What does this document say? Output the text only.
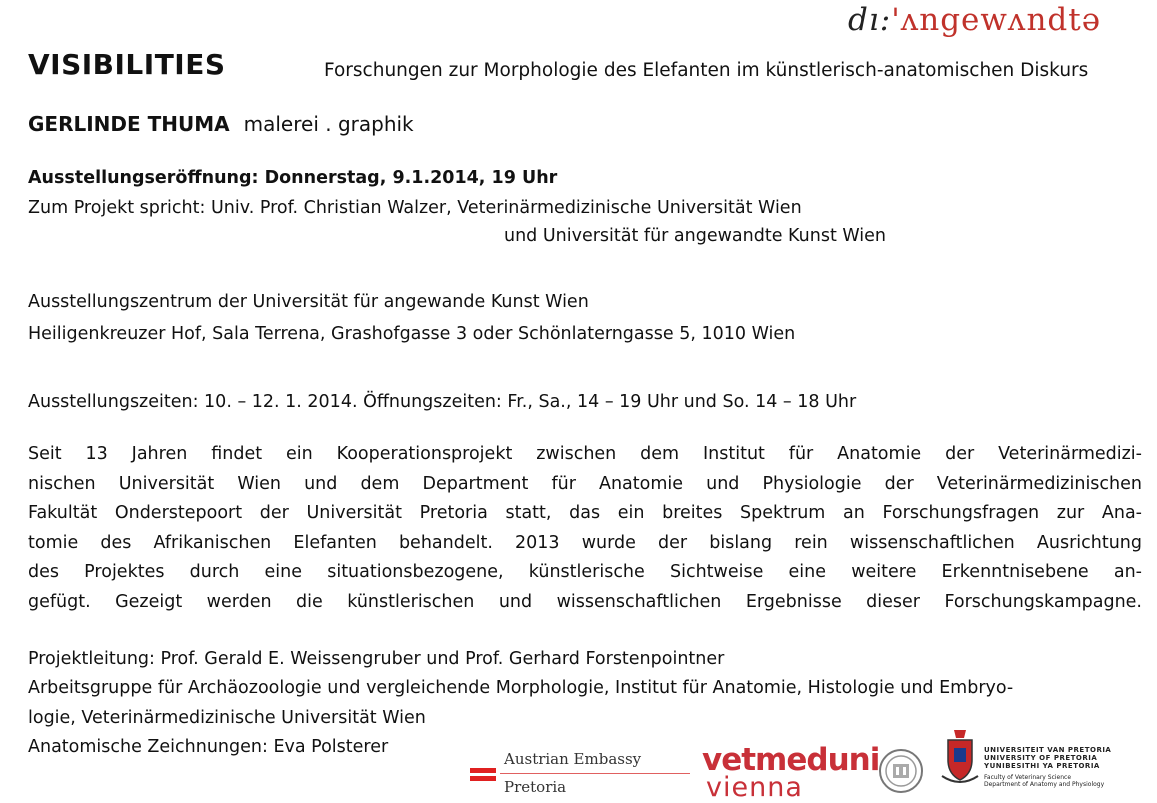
dı:'ʌngewʌndtə
VISIBILITIES	Forschungen zur Morphologie des Elefanten im künstlerisch-anatomischen Diskurs
GERLINDE THUMA malerei . graphik
Ausstellungseröffnung: Donnerstag, 9.1.2014, 19 Uhr
Zum Projekt spricht: Univ. Prof. Christian Walzer, Veterinärmedizinische Universität Wien
und Universität für angewandte Kunst Wien
Ausstellungszentrum der Universität für angewande Kunst Wien
Heiligenkreuzer Hof, Sala Terrena, Grashofgasse 3 oder Schönlaterngasse 5, 1010 Wien
Ausstellungszeiten: 10. – 12. 1. 2014. Öffnungszeiten: Fr., Sa., 14 – 19 Uhr und So. 14 – 18 Uhr

Seit 13 Jahren findet ein Kooperationsprojekt zwischen dem Institut für Anatomie der Veterinärmedizi-

nischen Universität Wien und dem Department für Anatomie und Physiologie der Veterinärmedizinischen

Fakultät Onderstepoort der Universität Pretoria statt, das ein breites Spektrum an Forschungsfragen zur Ana-

tomie des Afrikanischen Elefanten behandelt. 2013 wurde der bislang rein wissenschaftlichen Ausrichtung

des Projektes durch eine situationsbezogene, künstlerische Sichtweise eine weitere Erkenntnisebene an-

gefügt. Gezeigt werden die künstlerischen und wissenschaftlichen Ergebnisse dieser Forschungskampagne.

Projektleitung: Prof. Gerald E. Weissengruber und Prof. Gerhard Forstenpointner
Arbeitsgruppe für Archäozoologie und vergleichende Morphologie, Institut für Anatomie, Histologie und Embryo-
logie, Veterinärmedizinische Universität Wien
Anatomische Zeichnungen: Eva Polsterer
Austrian Embassy
Pretoria
vetmeduni
vienna
UNIVERSITEIT VAN PRETORIA
UNIVERSITY OF PRETORIA
YUNIBESITHI YA PRETORIA
Faculty of Veterinary Science
Department of Anatomy and Physiology
